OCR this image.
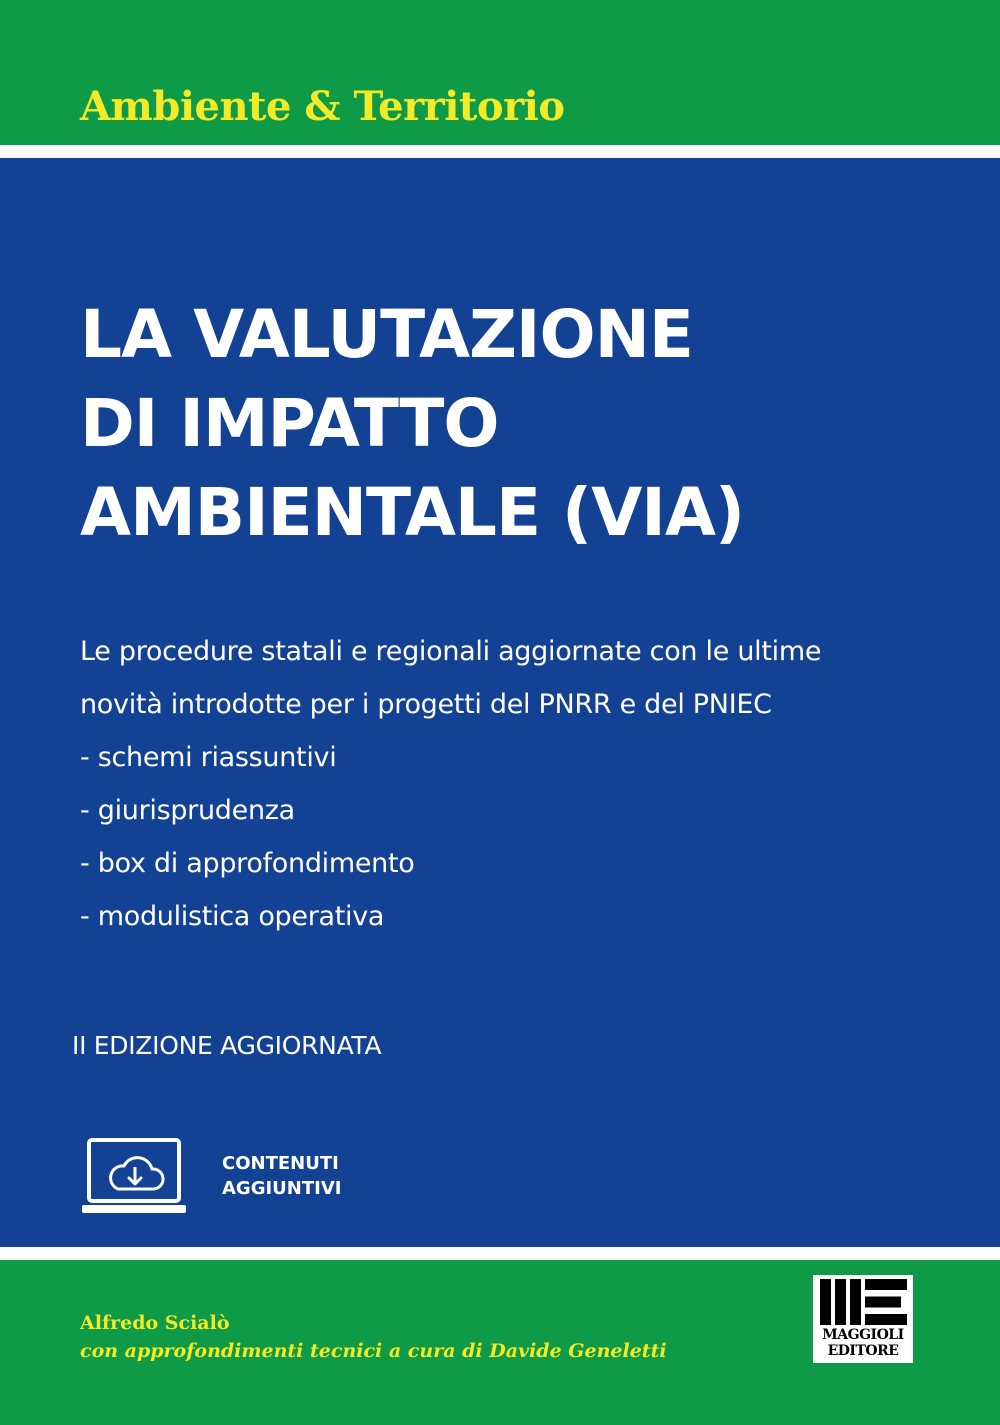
Ambiente & Territorio
LA VALUTAZIONE
DI IMPATTO
AMBIENTALE (VIA)
Le procedure statali e regionali aggiornate con le ultime
novità introdotte per i progetti del PNRR e del PNIEC
- schemi riassuntivi
- giurisprudenza
- box di approfondimento
- modulistica operativa
II EDIZIONE AGGIORNATA
CONTENUTI
AGGIUNTIVI
Alfredo Scialò
con approfondimenti tecnici a cura di Davide Geneletti
MAGGIOLI
EDITORE
